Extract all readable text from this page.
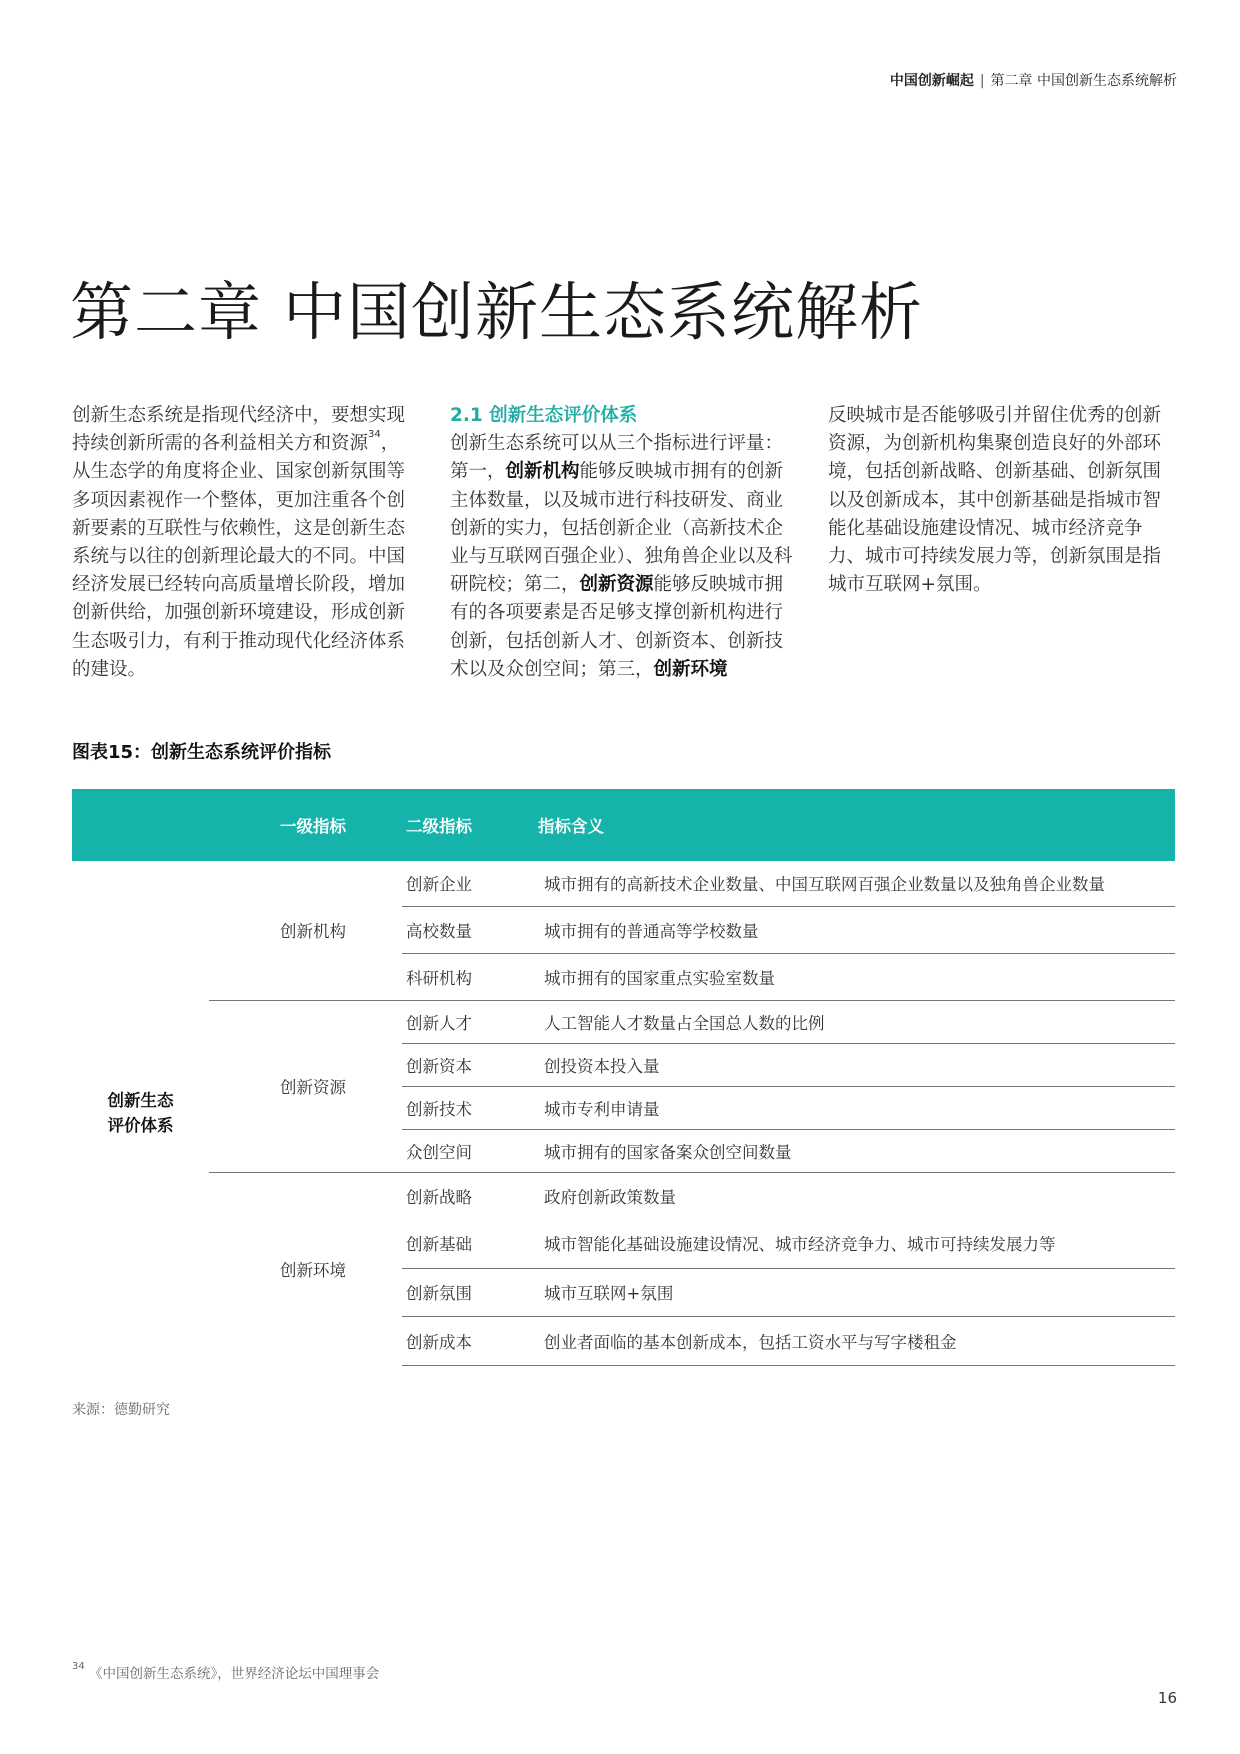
中国创新崛起 | 第二章 中国创新生态系统解析
第二章 中国创新生态系统解析

创新生态系统是指现代经济中，要想实现持续创新所需的各利益相关方和资源$^{34}$，从生态学的角度将企业、国家创新氛围等多项因素视作一个整体，更加注重各个创新要素的互联性与依赖性，这是创新生态系统与以往的创新理论最大的不同。中国经济发展已经转向高质量增长阶段，增加创新供给，加强创新环境建设，形成创新生态吸引力，有利于推动现代化经济体系的建设。

2.1 创新生态评价体系

创新生态系统可以从三个指标进行评量：第一，创新机构能够反映城市拥有的创新主体数量，以及城市进行科技研发、商业创新的实力，包括创新企业（高新技术企业与互联网百强企业）、独角兽企业以及科研院校；第二，创新资源能够反映城市拥有的各项要素是否足够支撑创新机构进行创新，包括创新人才、创新资本、创新技术以及众创空间；第三，创新环境

反映城市是否能够吸引并留住优秀的创新资源，为创新机构集聚创造良好的外部环境，包括创新战略、创新基础、创新氛围以及创新成本，其中创新基础是指城市智能化基础设施建设情况、城市经济竞争力、城市可持续发展力等，创新氛围是指城市互联网+氛围。

图表15：创新生态系统评价指标
	一级指标	二级指标	指标含义
创新生态
评价体系	创新机构	创新企业	城市拥有的高新技术企业数量、中国互联网百强企业数量以及独角兽企业数量
		高校数量	城市拥有的普通高等学校数量
		科研机构	城市拥有的国家重点实验室数量
	创新资源	创新人才	人工智能人才数量占全国总人数的比例
		创新资本	创投资本投入量
		创新技术	城市专利申请量
		众创空间	城市拥有的国家备案众创空间数量
	创新环境	创新战略	政府创新政策数量
		创新基础	城市智能化基础设施建设情况、城市经济竞争力、城市可持续发展力等
		创新氛围	城市互联网+氛围
		创新成本	创业者面临的基本创新成本，包括工资水平与写字楼租金
来源：德勤研究
$^{34}$ 《中国创新生态系统》，世界经济论坛中国理事会
16
